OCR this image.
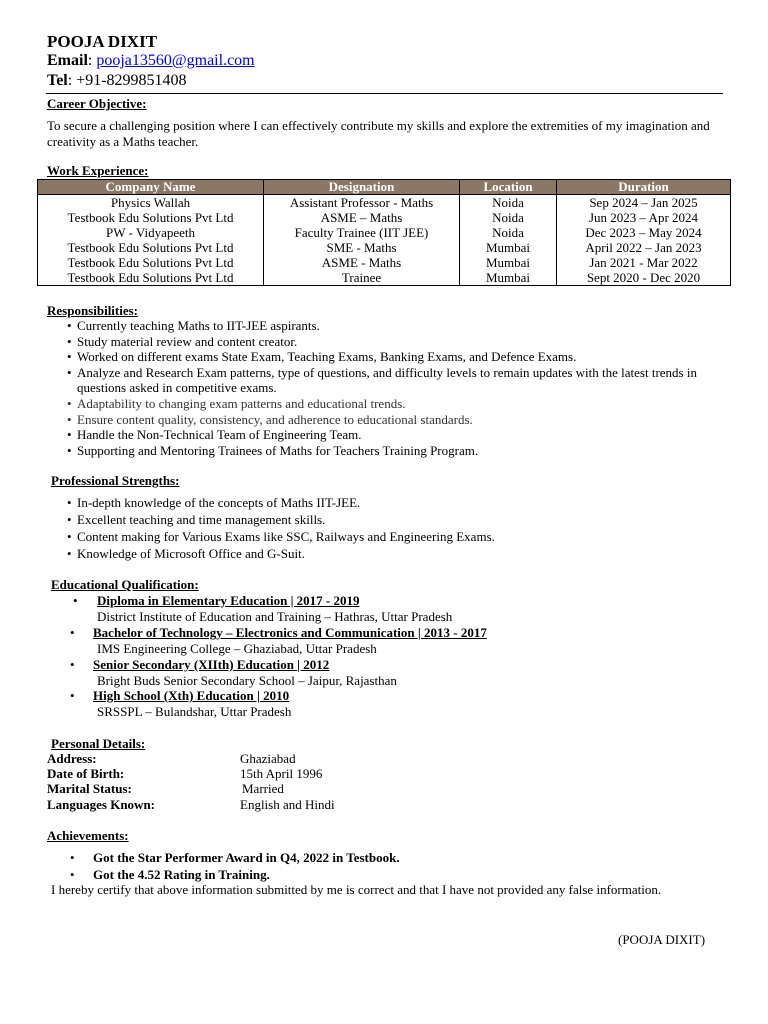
POOJA DIXIT
Email: pooja13560@gmail.com
Tel: +91-8299851408
Career Objective:
To secure a challenging position where I can effectively contribute my skills and explore the extremities of my imagination and creativity as a Maths teacher.
Work Experience:
Company Name	Designation	Location	Duration
Physics Wallah	Assistant Professor - Maths	Noida	Sep 2024 – Jan 2025
Testbook Edu Solutions Pvt Ltd	ASME – Maths	Noida	Jun 2023 – Apr 2024
PW - Vidyapeeth	Faculty Trainee (IIT JEE)	Noida	Dec 2023 – May 2024
Testbook Edu Solutions Pvt Ltd	SME - Maths	Mumbai	April 2022 – Jan 2023
Testbook Edu Solutions Pvt Ltd	ASME - Maths	Mumbai	Jan 2021 - Mar 2022
Testbook Edu Solutions Pvt Ltd	Trainee	Mumbai	Sept 2020 - Dec 2020
Responsibilities:
• Currently teaching Maths to IIT-JEE aspirants.
• Study material review and content creator.
• Worked on different exams State Exam, Teaching Exams, Banking Exams, and Defence Exams.
• Analyze and Research Exam patterns, type of questions, and difficulty levels to remain updates with the latest trends in questions asked in competitive exams.
• Adaptability to changing exam patterns and educational trends.
• Ensure content quality, consistency, and adherence to educational standards.
• Handle the Non-Technical Team of Engineering Team.
• Supporting and Mentoring Trainees of Maths for Teachers Training Program.
Professional Strengths:
• In-depth knowledge of the concepts of Maths IIT-JEE.
• Excellent teaching and time management skills.
• Content making for Various Exams like SSC, Railways and Engineering Exams.
• Knowledge of Microsoft Office and G-Suit.
Educational Qualification:
• Diploma in Elementary Education | 2017 - 2019
District Institute of Education and Training – Hathras, Uttar Pradesh
• Bachelor of Technology – Electronics and Communication | 2013 - 2017
IMS Engineering College – Ghaziabad, Uttar Pradesh
• Senior Secondary (XIIth) Education | 2012
Bright Buds Senior Secondary School – Jaipur, Rajasthan
• High School (Xth) Education | 2010
SRSSPL – Bulandshar, Uttar Pradesh
Personal Details:
Address:	Ghaziabad
Date of Birth:	15th April 1996
Marital Status:	Married
Languages Known:	English and Hindi
Achievements:
• Got the Star Performer Award in Q4, 2022 in Testbook.
• Got the 4.52 Rating in Training.
I hereby certify that above information submitted by me is correct and that I have not provided any false information.
(POOJA DIXIT)
